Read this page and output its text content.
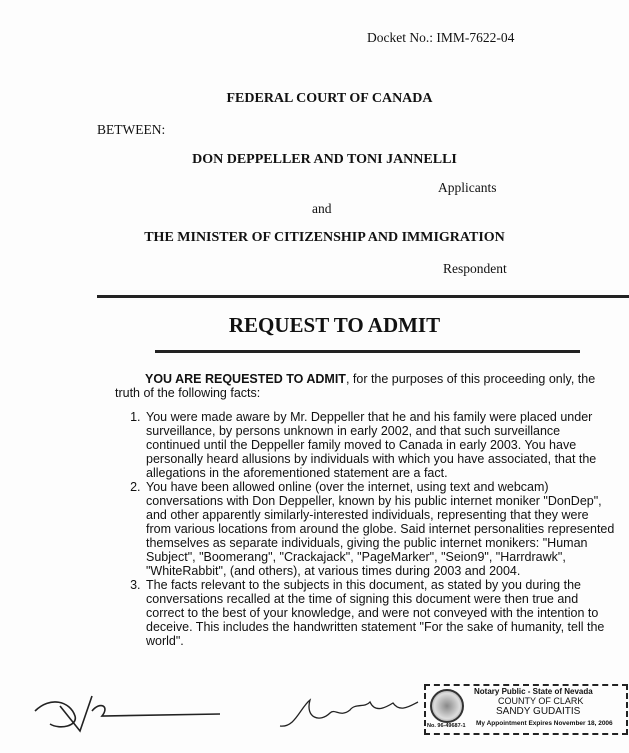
Docket No.: IMM-7622-04
FEDERAL COURT OF CANADA
BETWEEN:
DON DEPPELLER AND TONI JANNELLI
Applicants
and
THE MINISTER OF CITIZENSHIP AND IMMIGRATION
Respondent
REQUEST TO ADMIT

YOU ARE REQUESTED TO ADMIT, for the purposes of this proceeding only, the truth of the following facts:

1. You were made aware by Mr. Deppeller that he and his family were placed under surveillance, by persons unknown in early 2002, and that such surveillance continued until the Deppeller family moved to Canada in early 2003. You have personally heard allusions by individuals with which you have associated, that the allegations in the aforementioned statement are a fact.
2. You have been allowed online (over the internet, using text and webcam) conversations with Don Deppeller, known by his public internet moniker "DonDep", and other apparently similarly-interested individuals, representing that they were from various locations from around the globe. Said internet personalities represented themselves as separate individuals, giving the public internet monikers: "Human Subject", "Boomerang", "Crackajack", "PageMarker", "Seion9", "Harrdrawk", "WhiteRabbit", (and others), at various times during 2003 and 2004.
3. The facts relevant to the subjects in this document, as stated by you during the conversations recalled at the time of signing this document were then true and correct to the best of your knowledge, and were not conveyed with the intention to deceive. This includes the handwritten statement "For the sake of humanity, tell the world".
Notary Public - State of Nevada
COUNTY OF CLARK
SANDY GUDAITIS
No. 96-49687-1 My Appointment Expires November 18, 2006
